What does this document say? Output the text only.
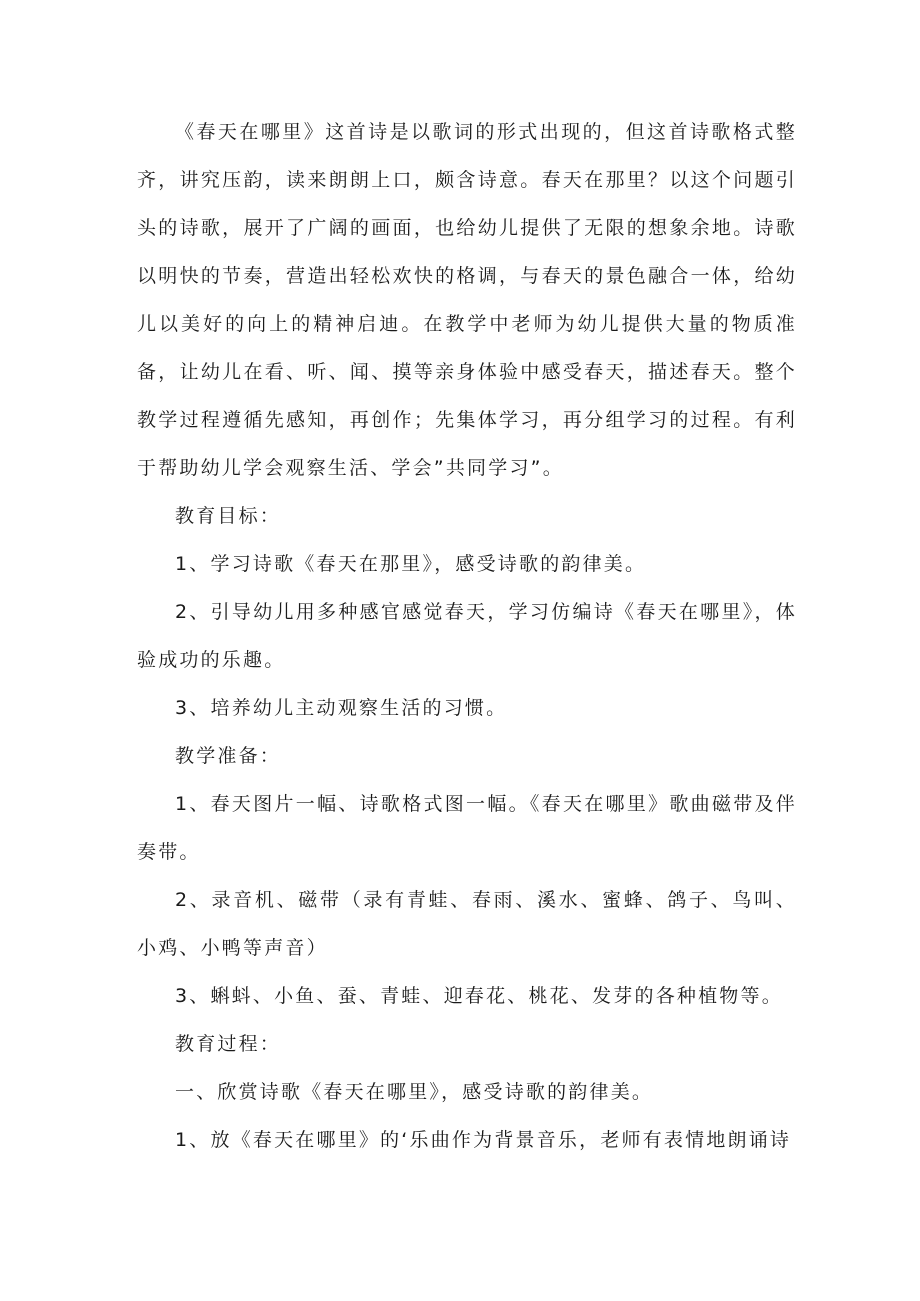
《春天在哪里》这首诗是以歌词的形式出现的，但这首诗歌格式整齐，讲究压韵，读来朗朗上口，颇含诗意。春天在那里？以这个问题引头的诗歌，展开了广阔的画面，也给幼儿提供了无限的想象余地。诗歌以明快的节奏，营造出轻松欢快的格调，与春天的景色融合一体，给幼儿以美好的向上的精神启迪。在教学中老师为幼儿提供大量的物质准备，让幼儿在看、听、闻、摸等亲身体验中感受春天，描述春天。整个教学过程遵循先感知，再创作；先集体学习，再分组学习的过程。有利于帮助幼儿学会观察生活、学会”共同学习”。

教育目标：

1、学习诗歌《春天在那里》，感受诗歌的韵律美。

2、引导幼儿用多种感官感觉春天，学习仿编诗《春天在哪里》，体验成功的乐趣。

3、培养幼儿主动观察生活的习惯。

教学准备：

1、春天图片一幅、诗歌格式图一幅。《春天在哪里》歌曲磁带及伴奏带。

2、录音机、磁带（录有青蛙、春雨、溪水、蜜蜂、鸽子、鸟叫、小鸡、小鸭等声音）

3、蝌蚪、小鱼、蚕、青蛙、迎春花、桃花、发芽的各种植物等。

教育过程：

一、欣赏诗歌《春天在哪里》，感受诗歌的韵律美。

1、放《春天在哪里》的‘乐曲作为背景音乐，老师有表情地朗诵诗
